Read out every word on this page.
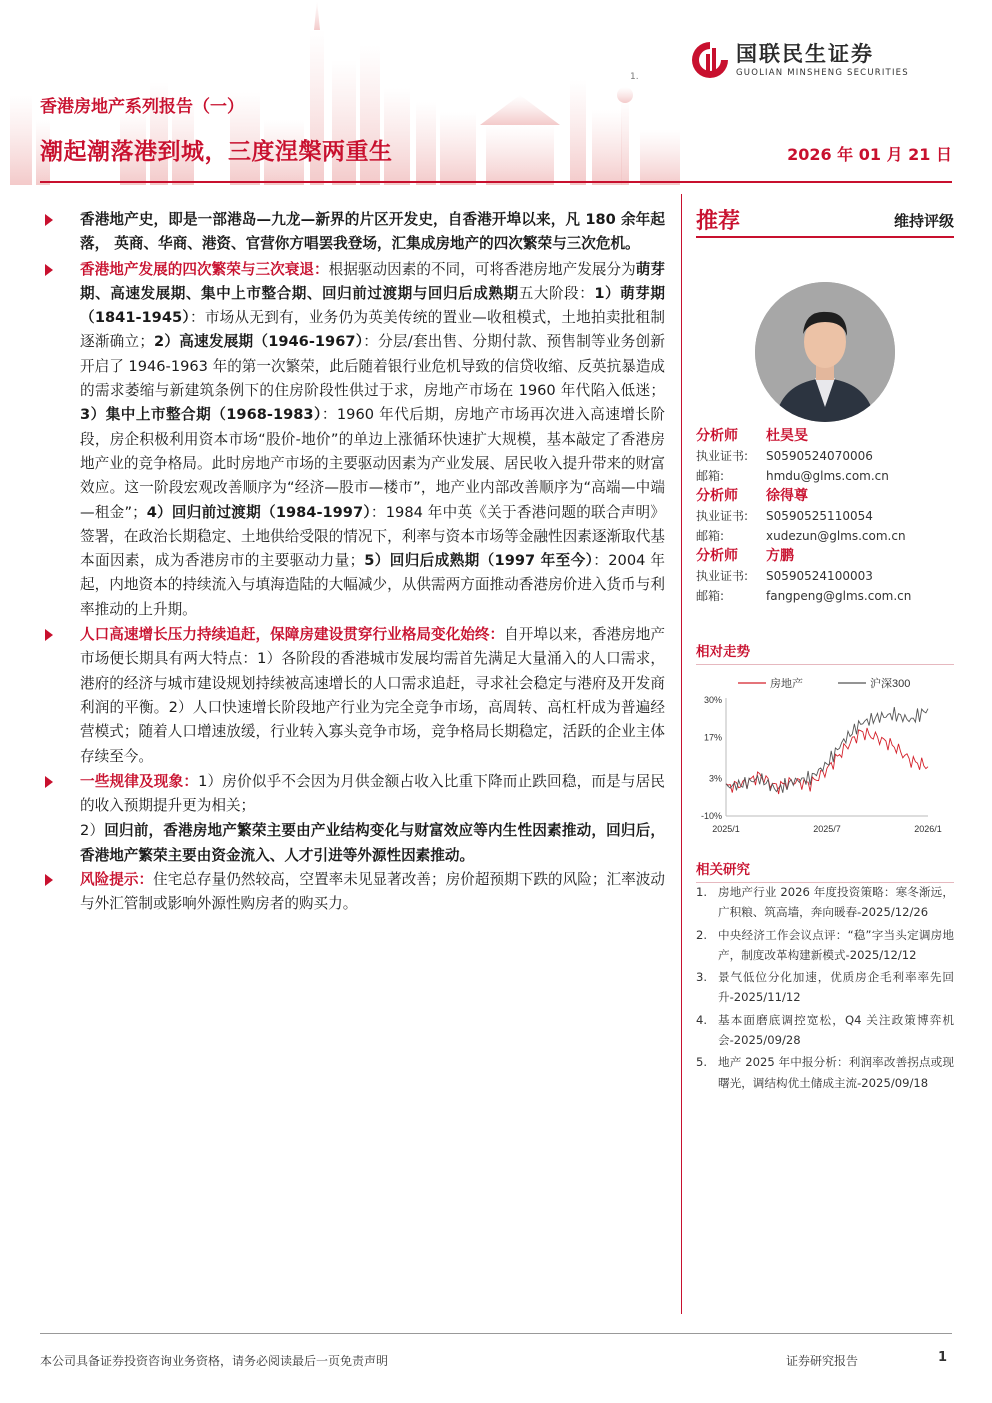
国联民生证券
GUOLIAN MINSHENG SECURITIES
1.
香港房地产系列报告（一）
潮起潮落港到城，三度涅槃两重生	2026 年 01 月 21 日
香港地产史，即是一部港岛—九龙—新界的片区开发史，自香港开埠以来，凡 180 余年起落， 英商、华商、港资、官营你方唱罢我登场，汇集成房地产的四次繁荣与三次危机。
香港地产发展的四次繁荣与三次衰退：根据驱动因素的不同，可将香港房地产发展分为萌芽期、高速发展期、集中上市整合期、回归前过渡期与回归后成熟期五大阶段：1）萌芽期（1841-1945）：市场从无到有，业务仍为英美传统的置业—收租模式，土地拍卖批租制逐渐确立；2）高速发展期（1946-1967）：分层/套出售、分期付款、预售制等业务创新开启了 1946-1963 年的第一次繁荣，此后随着银行业危机导致的信贷收缩、反英抗暴造成的需求萎缩与新建筑条例下的住房阶段性供过于求，房地产市场在 1960 年代陷入低迷；3）集中上市整合期（1968-1983）：1960 年代后期，房地产市场再次进入高速增长阶段，房企积极利用资本市场“股价-地价”的单边上涨循环快速扩大规模，基本敲定了香港房地产业的竞争格局。此时房地产市场的主要驱动因素为产业发展、居民收入提升带来的财富效应。这一阶段宏观改善顺序为“经济—股市—楼市”，地产业内部改善顺序为“高端—中端—租金”；4）回归前过渡期（1984-1997）：1984 年中英《关于香港问题的联合声明》签署，在政治长期稳定、土地供给受限的情况下，利率与资本市场等金融性因素逐渐取代基本面因素，成为香港房市的主要驱动力量；5）回归后成熟期（1997 年至今）：2004 年起，内地资本的持续流入与填海造陆的大幅减少，从供需两方面推动香港房价进入货币与利率推动的上升期。
人口高速增长压力持续追赶，保障房建设贯穿行业格局变化始终：自开埠以来，香港房地产市场便长期具有两大特点：1）各阶段的香港城市发展均需首先满足大量涌入的人口需求，港府的经济与城市建设规划持续被高速增长的人口需求追赶，寻求社会稳定与港府及开发商利润的平衡。2）人口快速增长阶段地产行业为完全竞争市场，高周转、高杠杆成为普遍经营模式；随着人口增速放缓，行业转入寡头竞争市场，竞争格局长期稳定，活跃的企业主体存续至今。
一些规律及现象：1）房价似乎不会因为月供金额占收入比重下降而止跌回稳，而是与居民的收入预期提升更为相关；
2）回归前，香港房地产繁荣主要由产业结构变化与财富效应等内生性因素推动，回归后，香港地产繁荣主要由资金流入、人才引进等外源性因素推动。
风险提示：住宅总存量仍然较高，空置率未见显著改善；房价超预期下跌的风险；汇率波动与外汇管制或影响外源性购房者的购买力。
推荐	维持评级
分析师 杜昊旻
执业证书: S0590524070006
邮箱:	hmdu@glms.com.cn
分析师 徐得尊
执业证书: S0590525110054
邮箱:	xudezun@glms.com.cn
分析师 方鹏
执业证书: S0590524100003
邮箱:	fangpeng@glms.com.cn
相对走势
房地产	沪深300
30%
17%
3%
-10%
2025/1	2025/7	2026/1
相关研究
1. 房地产行业 2026 年度投资策略：寒冬渐远，广积粮、筑高墙，奔向暖春-2025/12/26
2. 中央经济工作会议点评：“稳”字当头定调房地产，制度改革构建新模式-2025/12/12
3. 景气低位分化加速，优质房企毛利率率先回升-2025/11/12
4. 基本面磨底调控宽松，Q4 关注政策博弈机会-2025/09/28
5. 地产 2025 年中报分析：利润率改善拐点或现曙光，调结构优土储成主流-2025/09/18
本公司具备证券投资咨询业务资格，请务必阅读最后一页免责声明	证券研究报告	1
